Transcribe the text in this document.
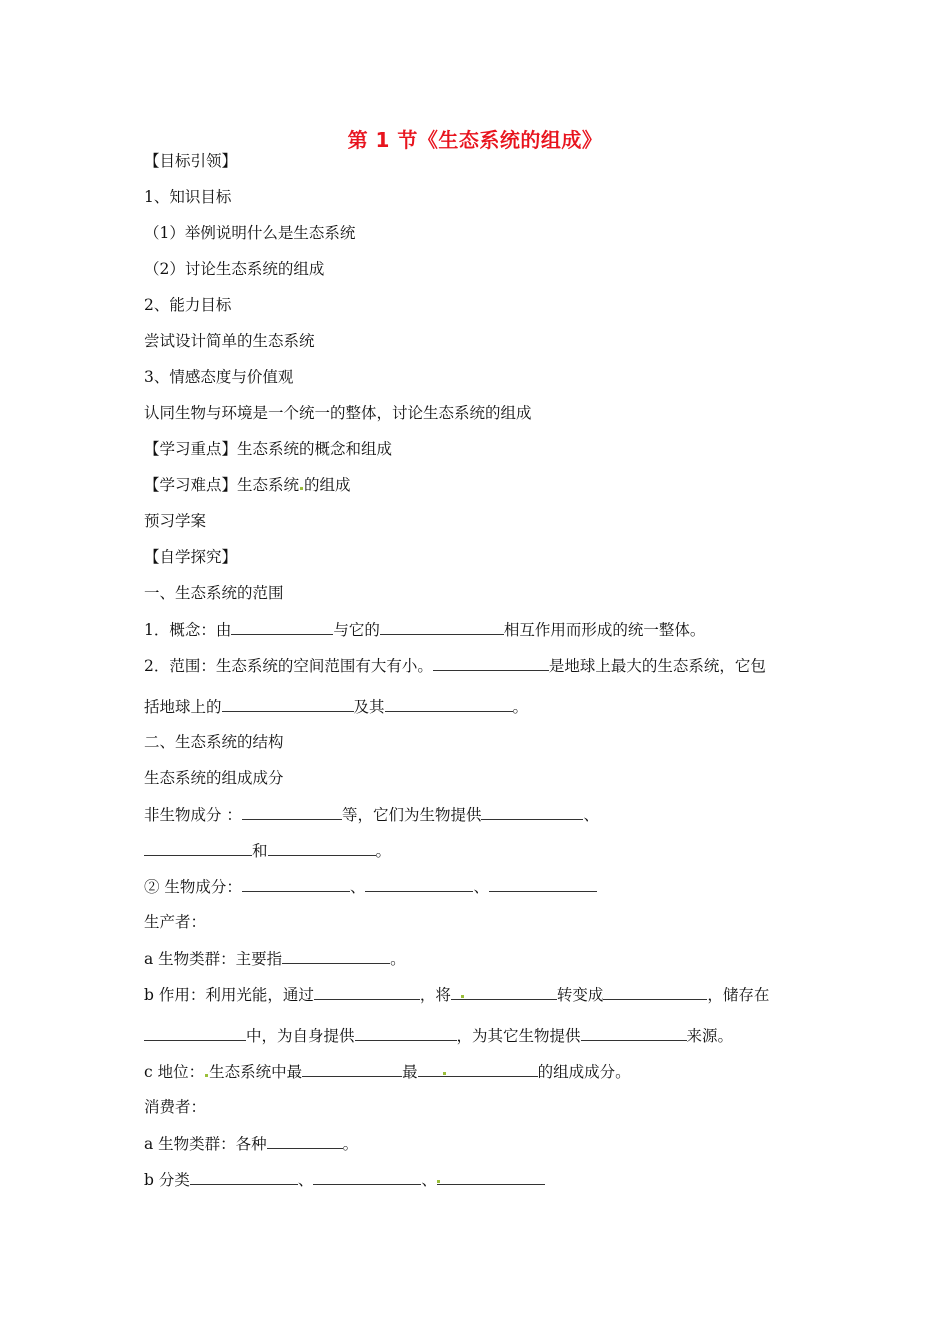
第 1 节《生态系统的组成》
【目标引领】
1、知识目标
（1）举例说明什么是生态系统
（2）讨论生态系统的组成
2、能力目标
尝试设计简单的生态系统
3、情感态度与价值观
认同生物与环境是一个统一的整体，讨论生态系统的组成
【学习重点】生态系统的概念和组成
【学习难点】生态系统 的组成
预习学案
【自学探究】
一、生态系统的范围
1．概念：由	与它的	相互作用而形成的统一整体。
2．范围：生态系统的空间范围有大有小。	是地球上最大的生态系统，它包
括地球上的	及其	。
二、生态系统的结构
生态系统的组成成分
非生物成分 ：	等，它们为生物提供	、
和	。
② 生物成分：	、	、
生产者：
a 生物类群：主要指	。
b 作用：利用光能，通过	，将	转变成	，储存在
中，为自身提供	，为其它生物提供	来源。
c 地位： 生态系统中最	最	的组成成分。
消费者：
a 生物类群：各种	。
b 分类	、	、
